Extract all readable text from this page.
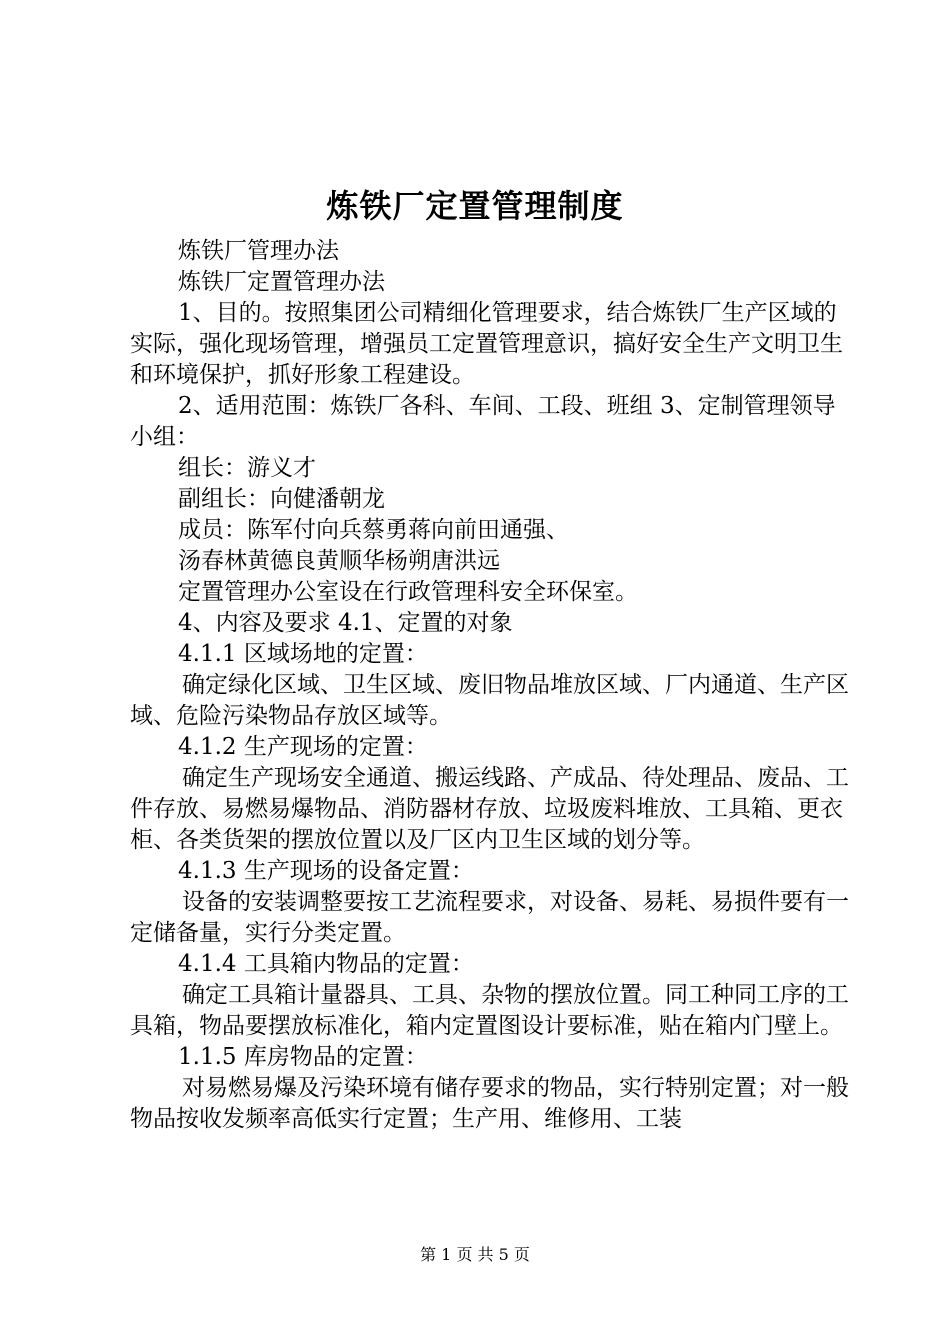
炼铁厂定置管理制度

炼铁厂管理办法

炼铁厂定置管理办法

1、目的。按照集团公司精细化管理要求，结合炼铁厂生产区域的实际，强化现场管理，增强员工定置管理意识，搞好安全生产文明卫生和环境保护，抓好形象工程建设。

2、适用范围：炼铁厂各科、车间、工段、班组 3、定制管理领导小组：

组长：游义才

副组长：向健潘朝龙

成员：陈军付向兵蔡勇蒋向前田通强、

汤春林黄德良黄顺华杨朔唐洪远

定置管理办公室设在行政管理科安全环保室。

4、内容及要求 4.1、定置的对象

4.1.1 区域场地的定置：

确定绿化区域、卫生区域、废旧物品堆放区域、厂内通道、生产区域、危险污染物品存放区域等。

4.1.2 生产现场的定置：

确定生产现场安全通道、搬运线路、产成品、待处理品、废品、工件存放、易燃易爆物品、消防器材存放、垃圾废料堆放、工具箱、更衣柜、各类货架的摆放位置以及厂区内卫生区域的划分等。

4.1.3 生产现场的设备定置：

设备的安装调整要按工艺流程要求，对设备、易耗、易损件要有一定储备量，实行分类定置。

4.1.4 工具箱内物品的定置：

确定工具箱计量器具、工具、杂物的摆放位置。同工种同工序的工具箱，物品要摆放标准化，箱内定置图设计要标准，贴在箱内门壁上。

1.1.5 库房物品的定置：

对易燃易爆及污染环境有储存要求的物品，实行特别定置；对一般物品按收发频率高低实行定置；生产用、维修用、工装

第 1 页 共 5 页
